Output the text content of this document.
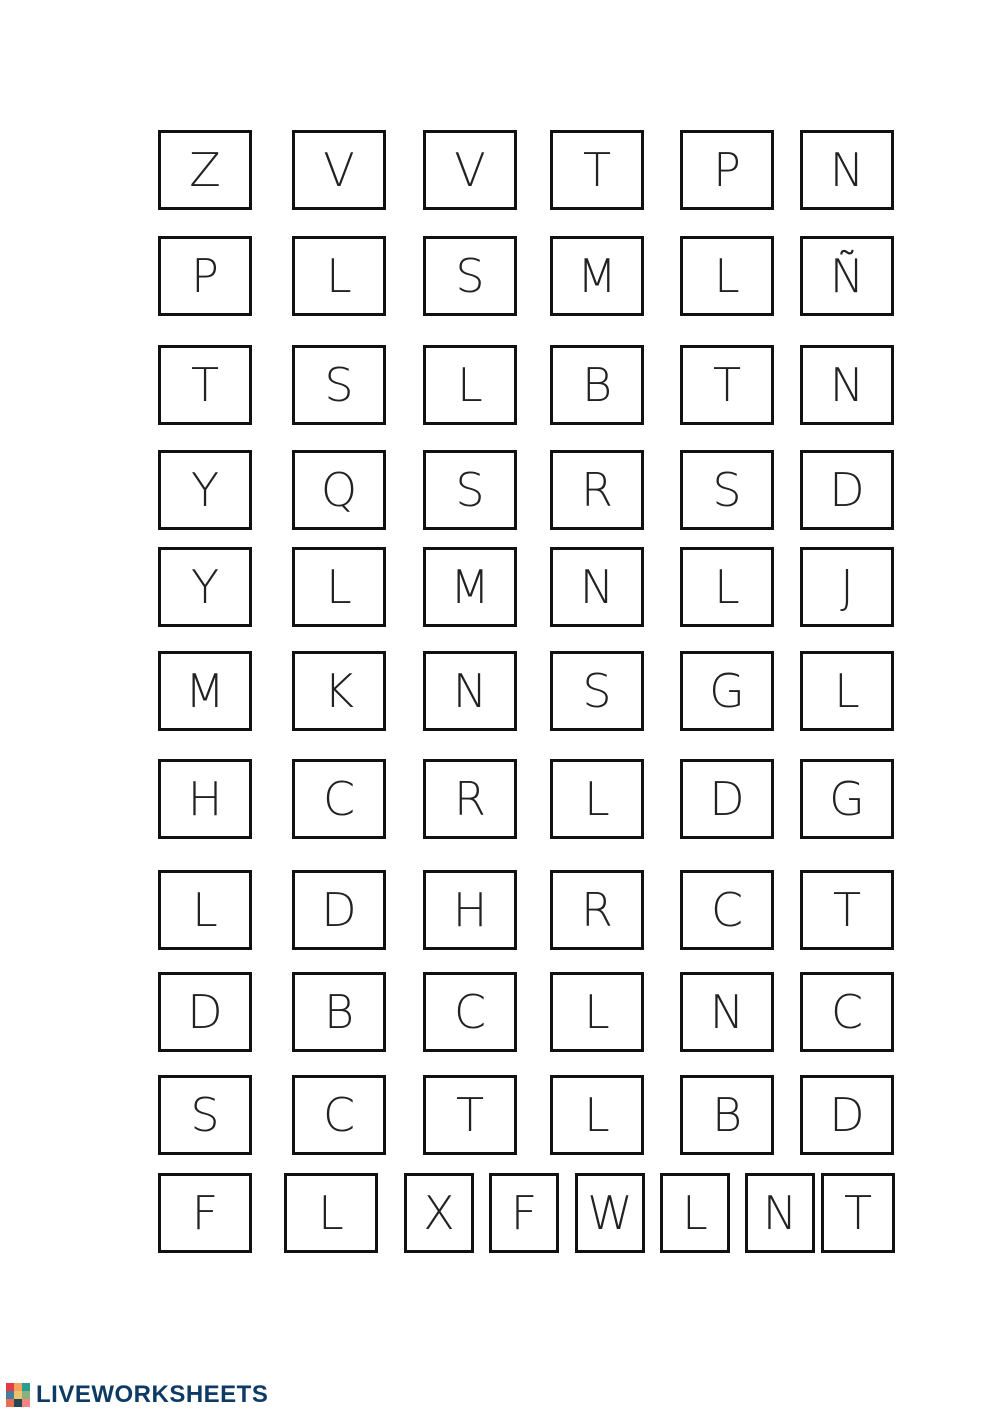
Z	V	V	T	P	N
P	L	S	M	L	Ñ
T	S	L	B	T	N
Y	Q	S	R	S	D
Y	L	M	N	L	J
M	K	N	S	G	L
H	C	R	L	D	G
L	D	H	R	C	T
D	B	C	L	N	C
S	C	T	L	B	D
F	L	X	F	W	L	N	T
LIVEWORKSHEETS
